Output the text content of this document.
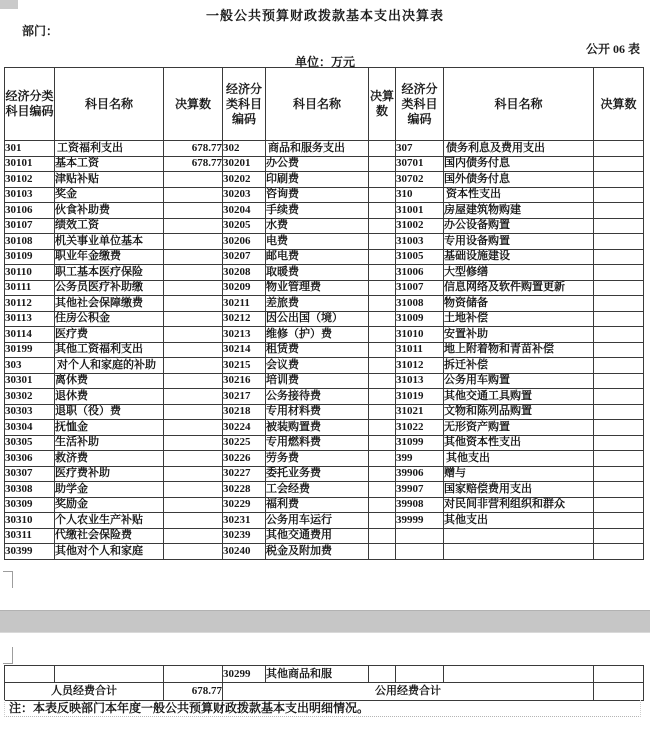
一般公共预算财政拨款基本支出决算表
部门：
公开 06 表
单位：万元
经济分类科目编码	科目名称	决算数	经济分类科目编码	科目名称	决算数	经济分类科目编码	科目名称	决算数
301	工资福利支出	678.77	302	商品和服务支出		307	债务利息及费用支出	
30101	基本工资	678.77	30201	办公费		30701	国内债务付息	
30102	津贴补贴		30202	印刷费		30702	国外债务付息	
30103	奖金		30203	咨询费		310	资本性支出	
30106	伙食补助费		30204	手续费		31001	房屋建筑物购建	
30107	绩效工资		30205	水费		31002	办公设备购置	
30108	机关事业单位基本		30206	电费		31003	专用设备购置	
30109	职业年金缴费		30207	邮电费		31005	基础设施建设	
30110	职工基本医疗保险		30208	取暖费		31006	大型修缮	
30111	公务员医疗补助缴		30209	物业管理费		31007	信息网络及软件购置更新	
30112	其他社会保障缴费		30211	差旅费		31008	物资储备	
30113	住房公积金		30212	因公出国（境）		31009	土地补偿	
30114	医疗费		30213	维修（护）费		31010	安置补助	
30199	其他工资福利支出		30214	租赁费		31011	地上附着物和青苗补偿	
303	对个人和家庭的补助		30215	会议费		31012	拆迁补偿	
30301	离休费		30216	培训费		31013	公务用车购置	
30302	退休费		30217	公务接待费		31019	其他交通工具购置	
30303	退职（役）费		30218	专用材料费		31021	文物和陈列品购置	
30304	抚恤金		30224	被装购置费		31022	无形资产购置	
30305	生活补助		30225	专用燃料费		31099	其他资本性支出	
30306	救济费		30226	劳务费		399	其他支出	
30307	医疗费补助		30227	委托业务费		39906	赠与	
30308	助学金		30228	工会经费		39907	国家赔偿费用支出	
30309	奖励金		30229	福利费		39908	对民间非营利组织和群众	
30310	个人农业生产补贴		30231	公务用车运行		39999	其他支出	
30311	代缴社会保险费		30239	其他交通费用				
30399	其他对个人和家庭		30240	税金及附加费				
			30299	其他商品和服				
人员经费合计		678.77	公用经费合计					
注：本表反映部门本年度一般公共预算财政拨款基本支出明细情况。
